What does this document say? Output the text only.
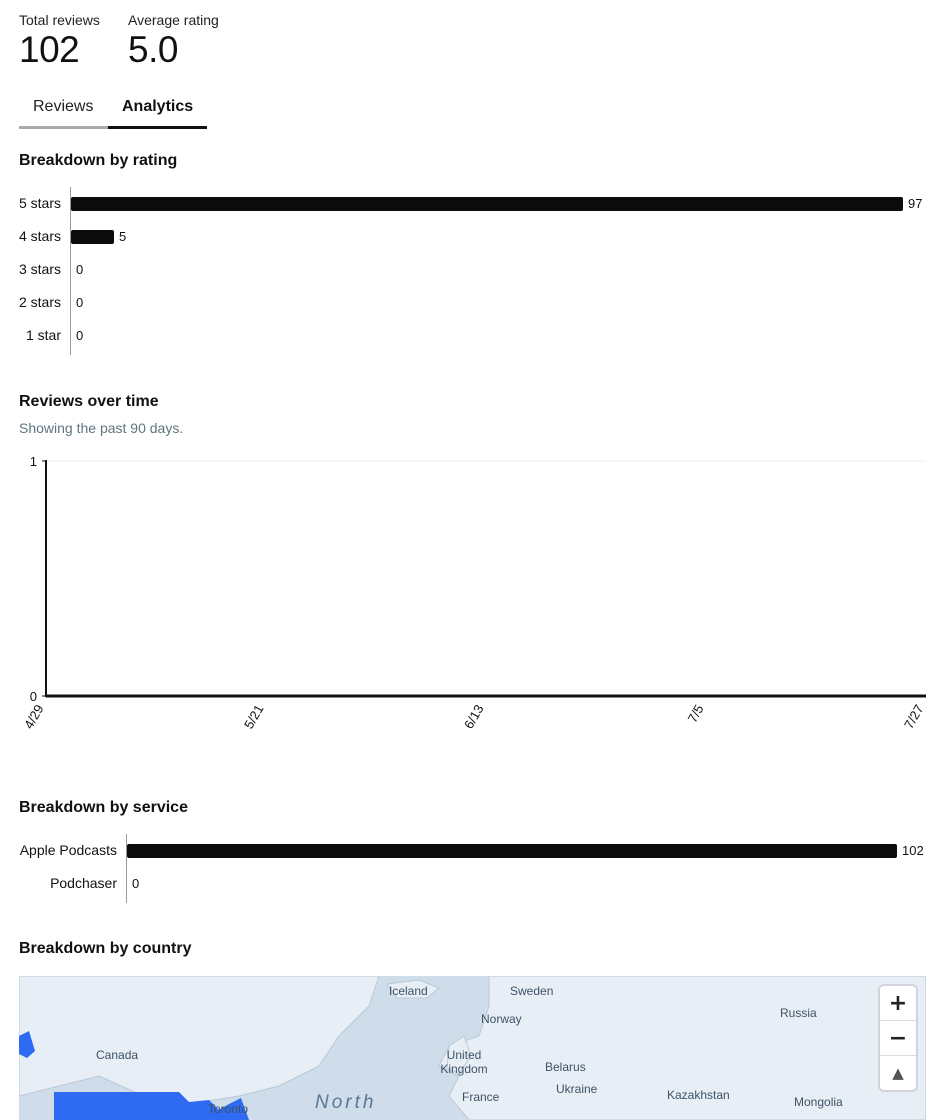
Total reviews
102
Average rating
5.0
Reviews	Analytics
Breakdown by rating
5 stars	97
4 stars	5
3 stars 0
2 stars 0
1 star 0
Reviews over time
Showing the past 90 days.
0
1
4/29	5/21	6/13	7/5	7/27
Breakdown by service
Apple Podcasts	102
Podchaser 0
Breakdown by country
Iceland	Sweden
Norway	Russia
Canada	United Kingdom	Belarus
Ukraine
France	Kazakhstan	Mongolia
Toronto	North
+
−
▲
